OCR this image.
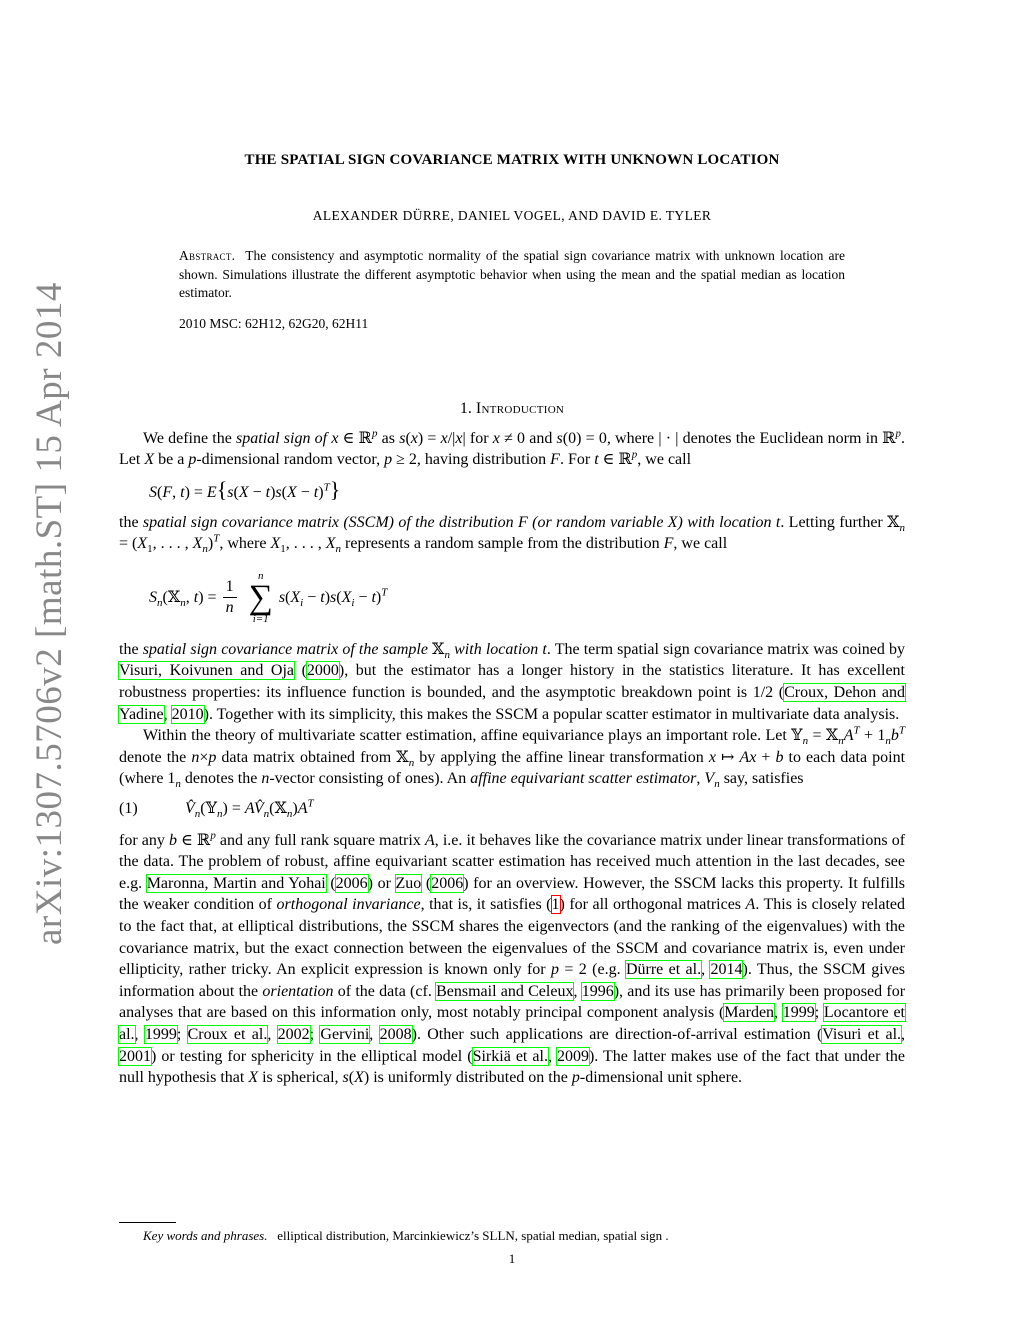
arXiv:1307.5706v2 [math.ST] 15 Apr 2014
THE SPATIAL SIGN COVARIANCE MATRIX WITH UNKNOWN LOCATION
ALEXANDER DÜRRE, DANIEL VOGEL, AND DAVID E. TYLER
Abstract. The consistency and asymptotic normality of the spatial sign covariance matrix with unknown location are shown. Simulations illustrate the different asymptotic behavior when using the mean and the spatial median as location estimator.
2010 MSC: 62H12, 62G20, 62H11
1. Introduction

We define the spatial sign of x ∈ ℝ$^p$ as s(x) = x/|x| for x ≠ 0 and s(0) = 0, where | · | denotes the Euclidean norm in ℝ$^p$. Let X be a p-dimensional random vector, p ≥ 2, having distribution F. For t ∈ ℝ$^p$, we call

S(F, $t) = E\{s(X - t)s(X - t)^T\}$

the spatial sign covariance matrix (SSCM) of the distribution F (or random variable X) with location t. Letting further 𝕏$_n$ = ($X_1$, . . . , $X_n)^T$, where $X_1$, . . . , $X_n$ represents a random sample from the distribution F, we call

$S_n(𝕏_n$, $t) = \frac{1}{n}$
n
∑
i=1
$s(X_i - t)s(X_i - t)^T$

the spatial sign covariance matrix of the sample 𝕏$_n$ with location t. The term spatial sign covariance matrix was coined by Visuri, Koivunen and Oja (2000), but the estimator has a longer history in the statistics literature. It has excellent robustness properties: its influence function is bounded, and the asymptotic breakdown point is 1/2 (Croux, Dehon and Yadine, 2010). Together with its simplicity, this makes the SSCM a popular scatter estimator in multivariate data analysis.

Within the theory of multivariate scatter estimation, affine equivariance plays an important role. Let 𝕐$_n$ = $𝕏_nA^T + 1_nb^T$ denote the n×p data matrix obtained from 𝕏$_n$ by applying the affine linear transformation x ↦ Ax + b to each data point (where $1_n$ denotes the n-vector consisting of ones). An affine equivariant scatter estimator, $V_n$ say, satisfies

(1)	$V̂_n(𝕐_n)$ = $AV̂_n(𝕏_n)A^T$

for any b ∈ ℝ$^p$ and any full rank square matrix A, i.e. it behaves like the covariance matrix under linear transformations of the data. The problem of robust, affine equivariant scatter estimation has received much attention in the last decades, see e.g. Maronna, Martin and Yohai (2006) or Zuo (2006) for an overview. However, the SSCM lacks this property. It fulfills the weaker condition of orthogonal invariance, that is, it satisfies (1) for all orthogonal matrices A. This is closely related to the fact that, at elliptical distributions, the SSCM shares the eigenvectors (and the ranking of the eigenvalues) with the covariance matrix, but the exact connection between the eigenvalues of the SSCM and covariance matrix is, even under ellipticity, rather tricky. An explicit expression is known only for p = 2 (e.g. Dürre et al., 2014). Thus, the SSCM gives information about the orientation of the data (cf. Bensmail and Celeux, 1996), and its use has primarily been proposed for analyses that are based on this information only, most notably principal component analysis (Marden, 1999; Locantore et al., 1999; Croux et al., 2002; Gervini, 2008). Other such applications are direction-of-arrival estimation (Visuri et al., 2001) or testing for sphericity in the elliptical model (Sirkiä et al., 2009). The latter makes use of the fact that under the null hypothesis that X is spherical, s(X) is uniformly distributed on the p-dimensional unit sphere.

Key words and phrases. elliptical distribution, Marcinkiewicz’s SLLN, spatial median, spatial sign .
1
